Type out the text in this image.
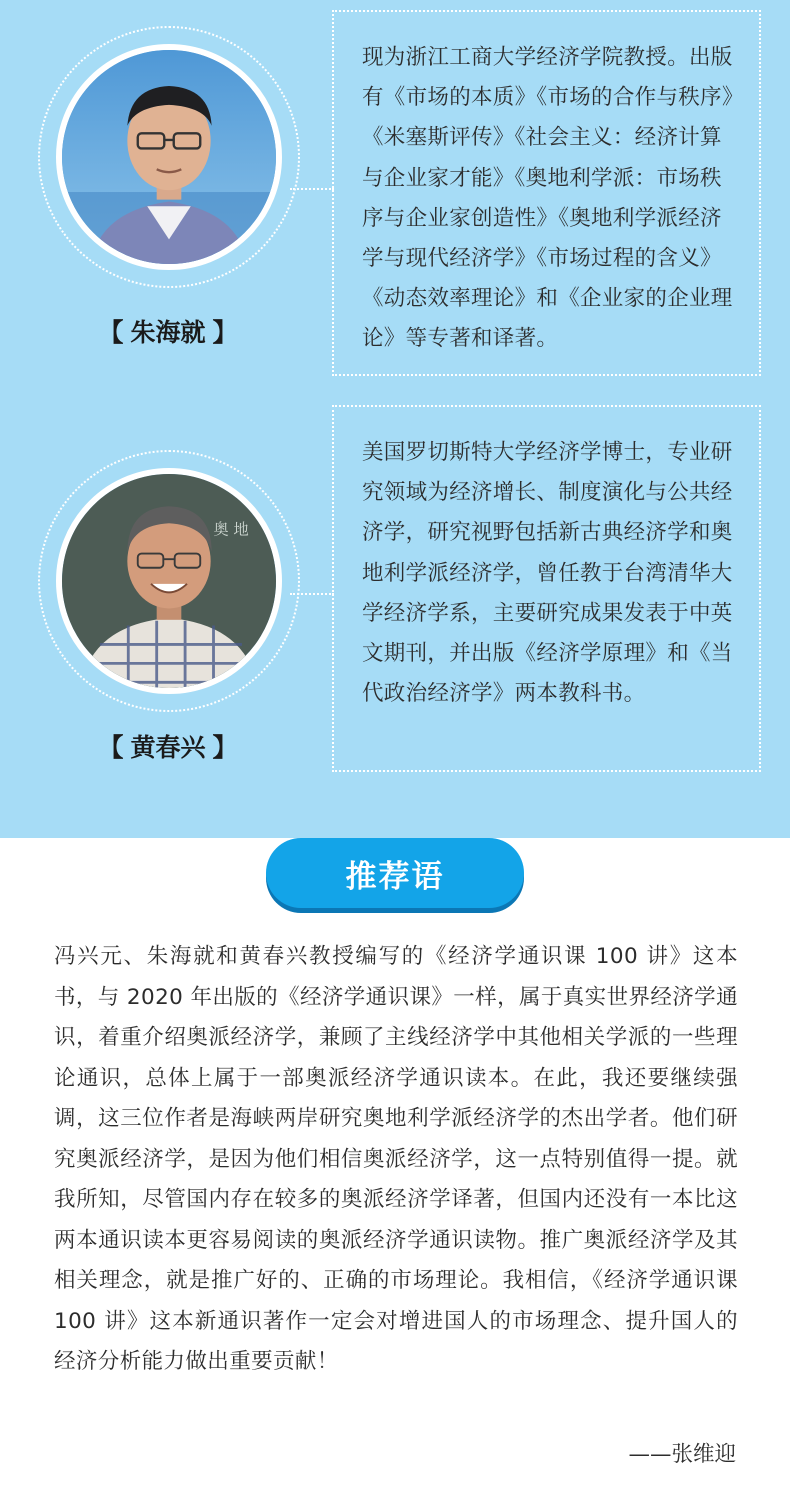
【 朱海就 】

现为浙江工商大学经济学院教授。出版有《市场的本质》《市场的合作与秩序》《米塞斯评传》《社会主义：经济计算与企业家才能》《奥地利学派：市场秩序与企业家创造性》《奥地利学派经济学与现代经济学》《市场过程的含义》《动态效率理论》和《企业家的企业理论》等专著和译著。

奥 地
【 黄春兴 】

美国罗切斯特大学经济学博士，专业研究领域为经济增长、制度演化与公共经济学，研究视野包括新古典经济学和奥地利学派经济学，曾任教于台湾清华大学经济学系，主要研究成果发表于中英文期刊，并出版《经济学原理》和《当代政治经济学》两本教科书。

推荐语

冯兴元、朱海就和黄春兴教授编写的《经济学通识课 100 讲》这本书，与 2020 年出版的《经济学通识课》一样，属于真实世界经济学通识，着重介绍奥派经济学，兼顾了主线经济学中其他相关学派的一些理论通识，总体上属于一部奥派经济学通识读本。在此，我还要继续强调，这三位作者是海峡两岸研究奥地利学派经济学的杰出学者。他们研究奥派经济学，是因为他们相信奥派经济学，这一点特别值得一提。就我所知，尽管国内存在较多的奥派经济学译著，但国内还没有一本比这两本通识读本更容易阅读的奥派经济学通识读物。推广奥派经济学及其相关理念，就是推广好的、正确的市场理论。我相信，《经济学通识课 100 讲》这本新通识著作一定会对增进国人的市场理念、提升国人的经济分析能力做出重要贡献！

——张维迎
